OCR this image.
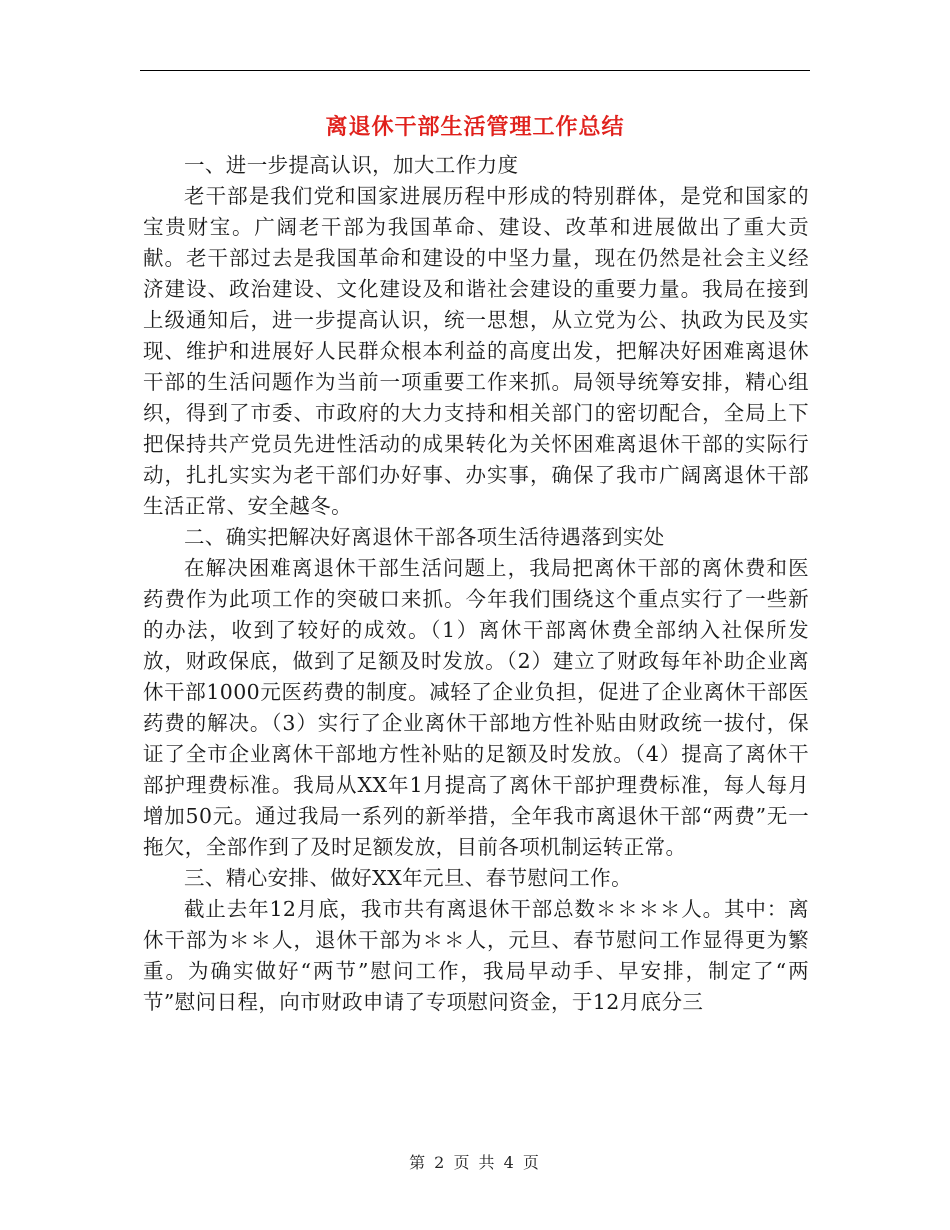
离退休干部生活管理工作总结

一、进一步提高认识，加大工作力度

老干部是我们党和国家进展历程中形成的特别群体，是党和国家的宝贵财宝。广阔老干部为我国革命、建设、改革和进展做出了重大贡献。老干部过去是我国革命和建设的中坚力量，现在仍然是社会主义经济建设、政治建设、文化建设及和谐社会建设的重要力量。我局在接到上级通知后，进一步提高认识，统一思想，从立党为公、执政为民及实现、维护和进展好人民群众根本利益的高度出发，把解决好困难离退休干部的生活问题作为当前一项重要工作来抓。局领导统筹安排，精心组织，得到了市委、市政府的大力支持和相关部门的密切配合，全局上下把保持共产党员先进性活动的成果转化为关怀困难离退休干部的实际行动，扎扎实实为老干部们办好事、办实事，确保了我市广阔离退休干部生活正常、安全越冬。

二、确实把解决好离退休干部各项生活待遇落到实处

在解决困难离退休干部生活问题上，我局把离休干部的离休费和医药费作为此项工作的突破口来抓。今年我们围绕这个重点实行了一些新的办法，收到了较好的成效。（1）离休干部离休费全部纳入社保所发放，财政保底，做到了足额及时发放。（2）建立了财政每年补助企业离休干部1000元医药费的制度。减轻了企业负担，促进了企业离休干部医药费的解决。（3）实行了企业离休干部地方性补贴由财政统一拔付，保证了全市企业离休干部地方性补贴的足额及时发放。（4）提高了离休干部护理费标准。我局从XX年1月提高了离休干部护理费标准，每人每月增加50元。通过我局一系列的新举措，全年我市离退休干部“两费”无一拖欠，全部作到了及时足额发放，目前各项机制运转正常。

三、精心安排、做好XX年元旦、春节慰问工作。

截止去年12月底，我市共有离退休干部总数＊＊＊＊人。其中：离休干部为＊＊人，退休干部为＊＊人，元旦、春节慰问工作显得更为繁重。为确实做好“两节”慰问工作，我局早动手、早安排，制定了“两节”慰问日程，向市财政申请了专项慰问资金，于12月底分三

第 2 页 共 4 页
